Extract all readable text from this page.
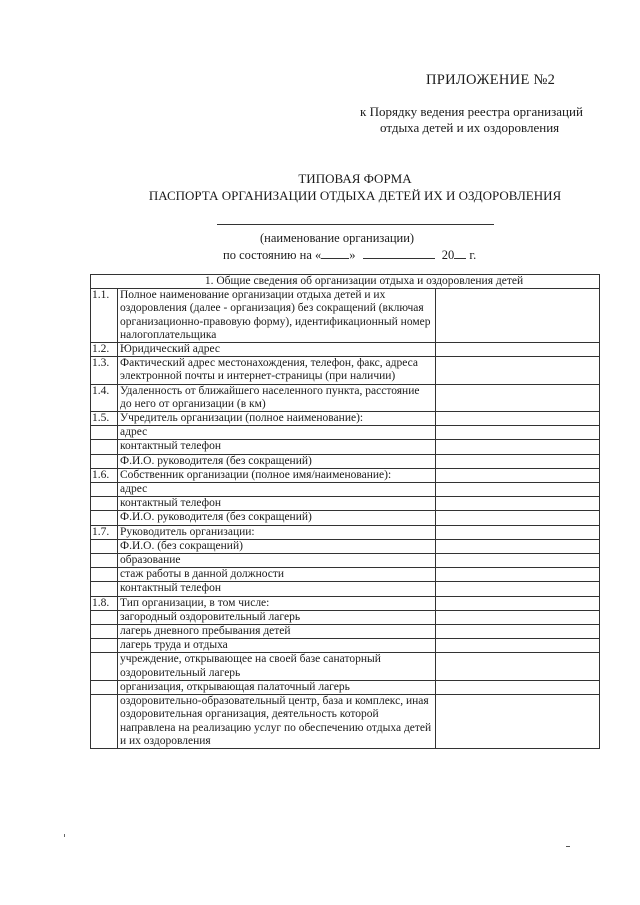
ПРИЛОЖЕНИЕ №2
к Порядку ведения реестра организаций
отдыха детей и их оздоровления
ТИПОВАЯ ФОРМА
ПАСПОРТА ОРГАНИЗАЦИИ ОТДЫХА ДЕТЕЙ ИХ И ОЗДОРОВЛЕНИЯ
(наименование организации)
по состоянию на « »	20 г.
1. Общие сведения об организации отдыха и оздоровления детей		
1.1.	Полное наименование организации отдыха детей и их оздоровления (далее - организация) без сокращений (включая организационно-правовую форму), идентификационный номер налогоплательщика	
1.2.	Юридический адрес	
1.3.	Фактический адрес местонахождения, телефон, факс, адреса электронной почты и интернет-страницы (при наличии)	
1.4.	Удаленность от ближайшего населенного пункта, расстояние до него от организации (в км)	
1.5.	Учредитель организации (полное наименование):	
	адрес	
	контактный телефон	
	Ф.И.О. руководителя (без сокращений)	
1.6.	Собственник организации (полное имя/наименование):	
	адрес	
	контактный телефон	
	Ф.И.О. руководителя (без сокращений)	
1.7.	Руководитель организации:	
	Ф.И.О. (без сокращений)	
	образование	
	стаж работы в данной должности	
	контактный телефон	
1.8.	Тип организации, в том числе:	
	загородный оздоровительный лагерь	
	лагерь дневного пребывания детей	
	лагерь труда и отдыха	
	учреждение, открывающее на своей базе санаторный оздоровительный лагерь	
	организация, открывающая палаточный лагерь	
	оздоровительно-образовательный центр, база и комплекс, иная оздоровительная организация, деятельность которой направлена на реализацию услуг по обеспечению отдыха детей и их оздоровления	
